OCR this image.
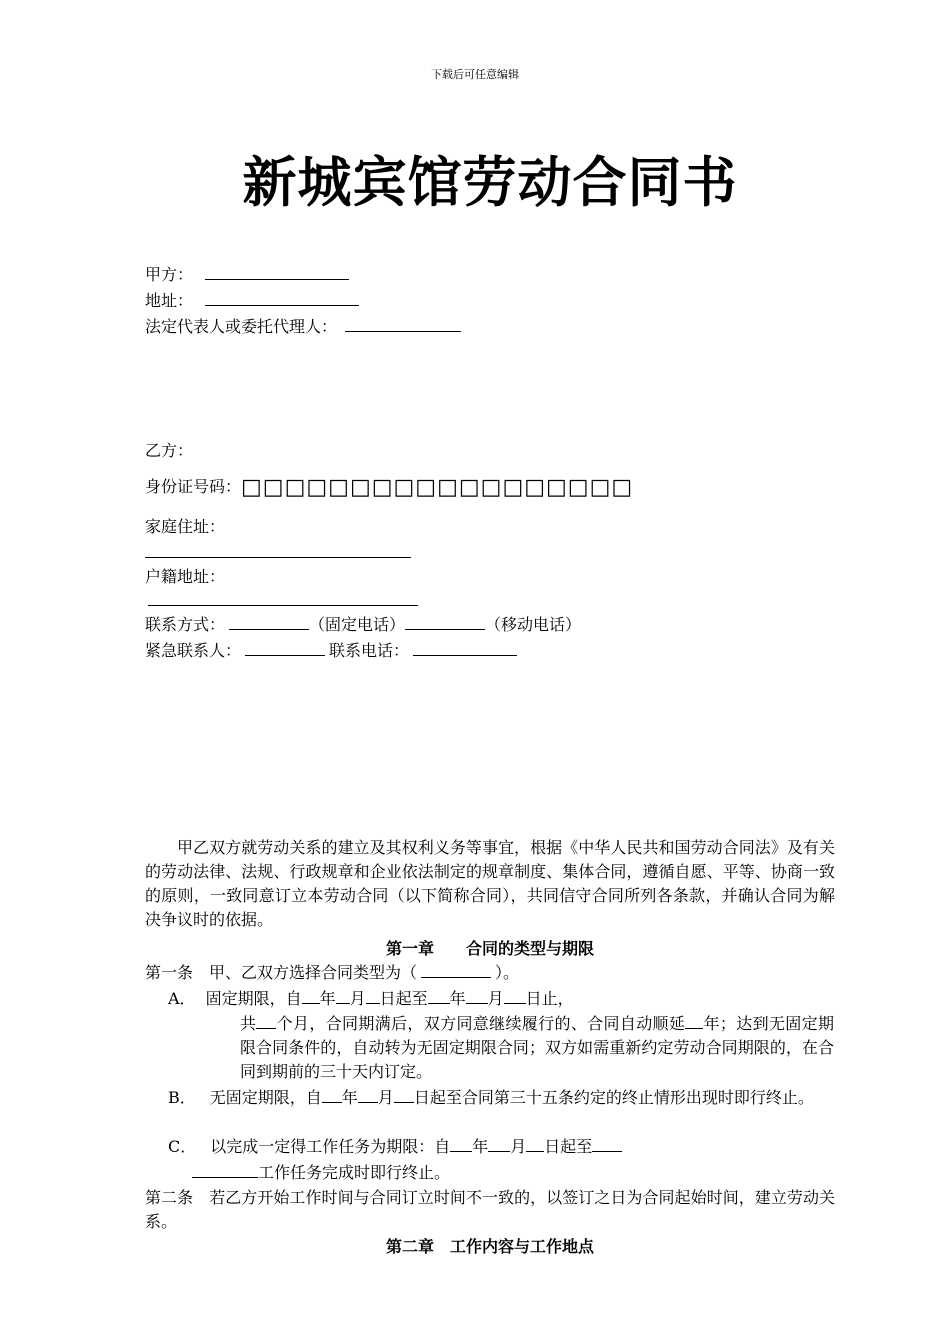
下载后可任意编辑
新城宾馆劳动合同书
甲方：
地址：
法定代表人或委托代理人：
乙方：
身份证号码：□□□□□□□□□□□□□□□□□□
家庭住址：
户籍地址：
联系方式：	（固定电话）	（移动电话）
紧急联系人：	联系电话：
甲乙双方就劳动关系的建立及其权利义务等事宜，根据《中华人民共和国劳动合同法》及有关的劳动法律、法规、行政规章和企业依法制定的规章制度、集体合同，遵循自愿、平等、协商一致的原则，一致同意订立本劳动合同（以下简称合同），共同信守合同所列各条款，并确认合同为解决争议时的依据。
第一章　　合同的类型与期限
第一条　甲、乙双方选择合同类型为（	）。
A． 固定期限，自 年 月 日起至 年 月 日止，
共 个月，合同期满后，双方同意继续履行的、合同自动顺延 年；达到无固定期限合同条件的，自动转为无固定期限合同；双方如需重新约定劳动合同期限的，在合同到期前的三十天内订定。
B． 无固定期限，自 年 月 日起至合同第三十五条约定的终止情形出现时即行终止。
C． 以完成一定得工作任务为期限：自 年 月 日起至
工作任务完成时即行终止。
第二条　若乙方开始工作时间与合同订立时间不一致的，以签订之日为合同起始时间，建立劳动关系。
第二章　工作内容与工作地点
